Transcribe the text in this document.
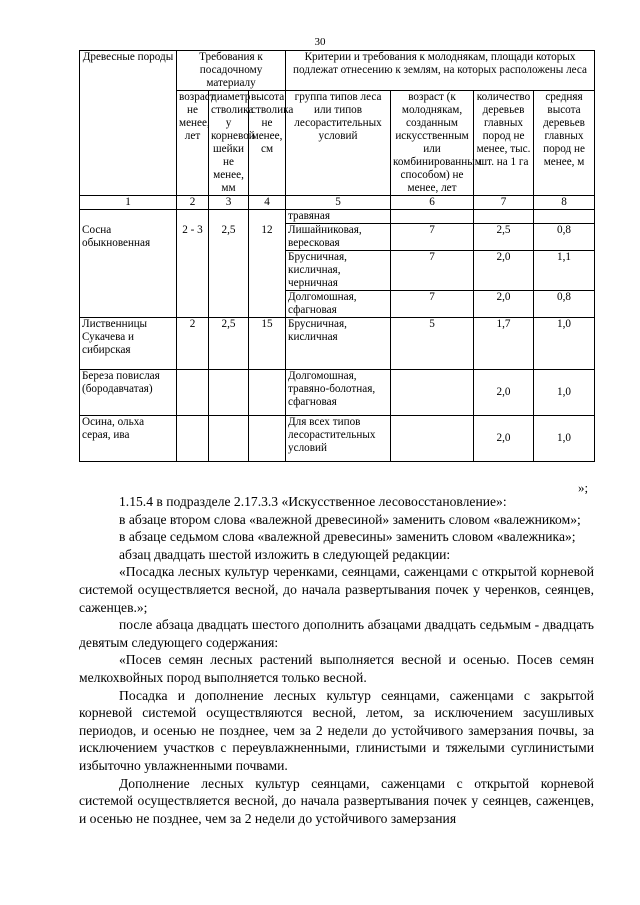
30
Древесные породы	Требования к посадочному материалу			Критерии и требования к молоднякам, площади которых подлежат отнесению к землям, на которых расположены леса			
	возраст не менее, лет	диаметр стволика у корневой шейки не менее, мм	высота стволика не менее, см	группа типов леса или типов лесорастительных условий	возраст (к молоднякам, созданным искусственным или комбинированным способом) не менее, лет	количество деревьев главных пород не менее, тыс. шт. на 1 га	средняя высота деревьев главных пород не менее, м
1	2	3	4	5	6	7	8
				травяная			
Сосна обыкновенная	2 - 3	2,5	12	Лишайниковая, вересковая	7	2,5	0,8
				Брусничная, кисличная, черничная	7	2,0	1,1
				Долгомошная, сфагновая	7	2,0	0,8
Лиственницы Сукачева и сибирская	2	2,5	15	Брусничная, кисличная	5	1,7	1,0
Береза повислая (бородавчатая)				Долгомошная, травяно-болотная, сфагновая		2,0	1,0
Осина, ольха серая, ива				Для всех типов лесорастительных условий		2,0	1,0
»;

1.15.4 в подразделе 2.17.3.3 «Искусственное лесовосстановление»:

в абзаце втором слова «валежной древесиной» заменить словом «валежником»;

в абзаце седьмом слова «валежной древесины» заменить словом «валежника»;

абзац двадцать шестой изложить в следующей редакции:

«Посадка лесных культур черенками, сеянцами, саженцами с открытой корневой системой осуществляется весной, до начала развертывания почек у черенков, сеянцев, саженцев.»;

после абзаца двадцать шестого дополнить абзацами двадцать седьмым - двадцать девятым следующего содержания:

«Посев семян лесных растений выполняется весной и осенью. Посев семян мелкохвойных пород выполняется только весной.

Посадка и дополнение лесных культур сеянцами, саженцами с закрытой корневой системой осуществляются весной, летом, за исключением засушливых периодов, и осенью не позднее, чем за 2 недели до устойчивого замерзания почвы, за исключением участков с переувлажненными, глинистыми и тяжелыми суглинистыми избыточно увлажненными почвами.

Дополнение лесных культур сеянцами, саженцами с открытой корневой системой осуществляется весной, до начала развертывания почек у сеянцев, саженцев, и осенью не позднее, чем за 2 недели до устойчивого замерзания
